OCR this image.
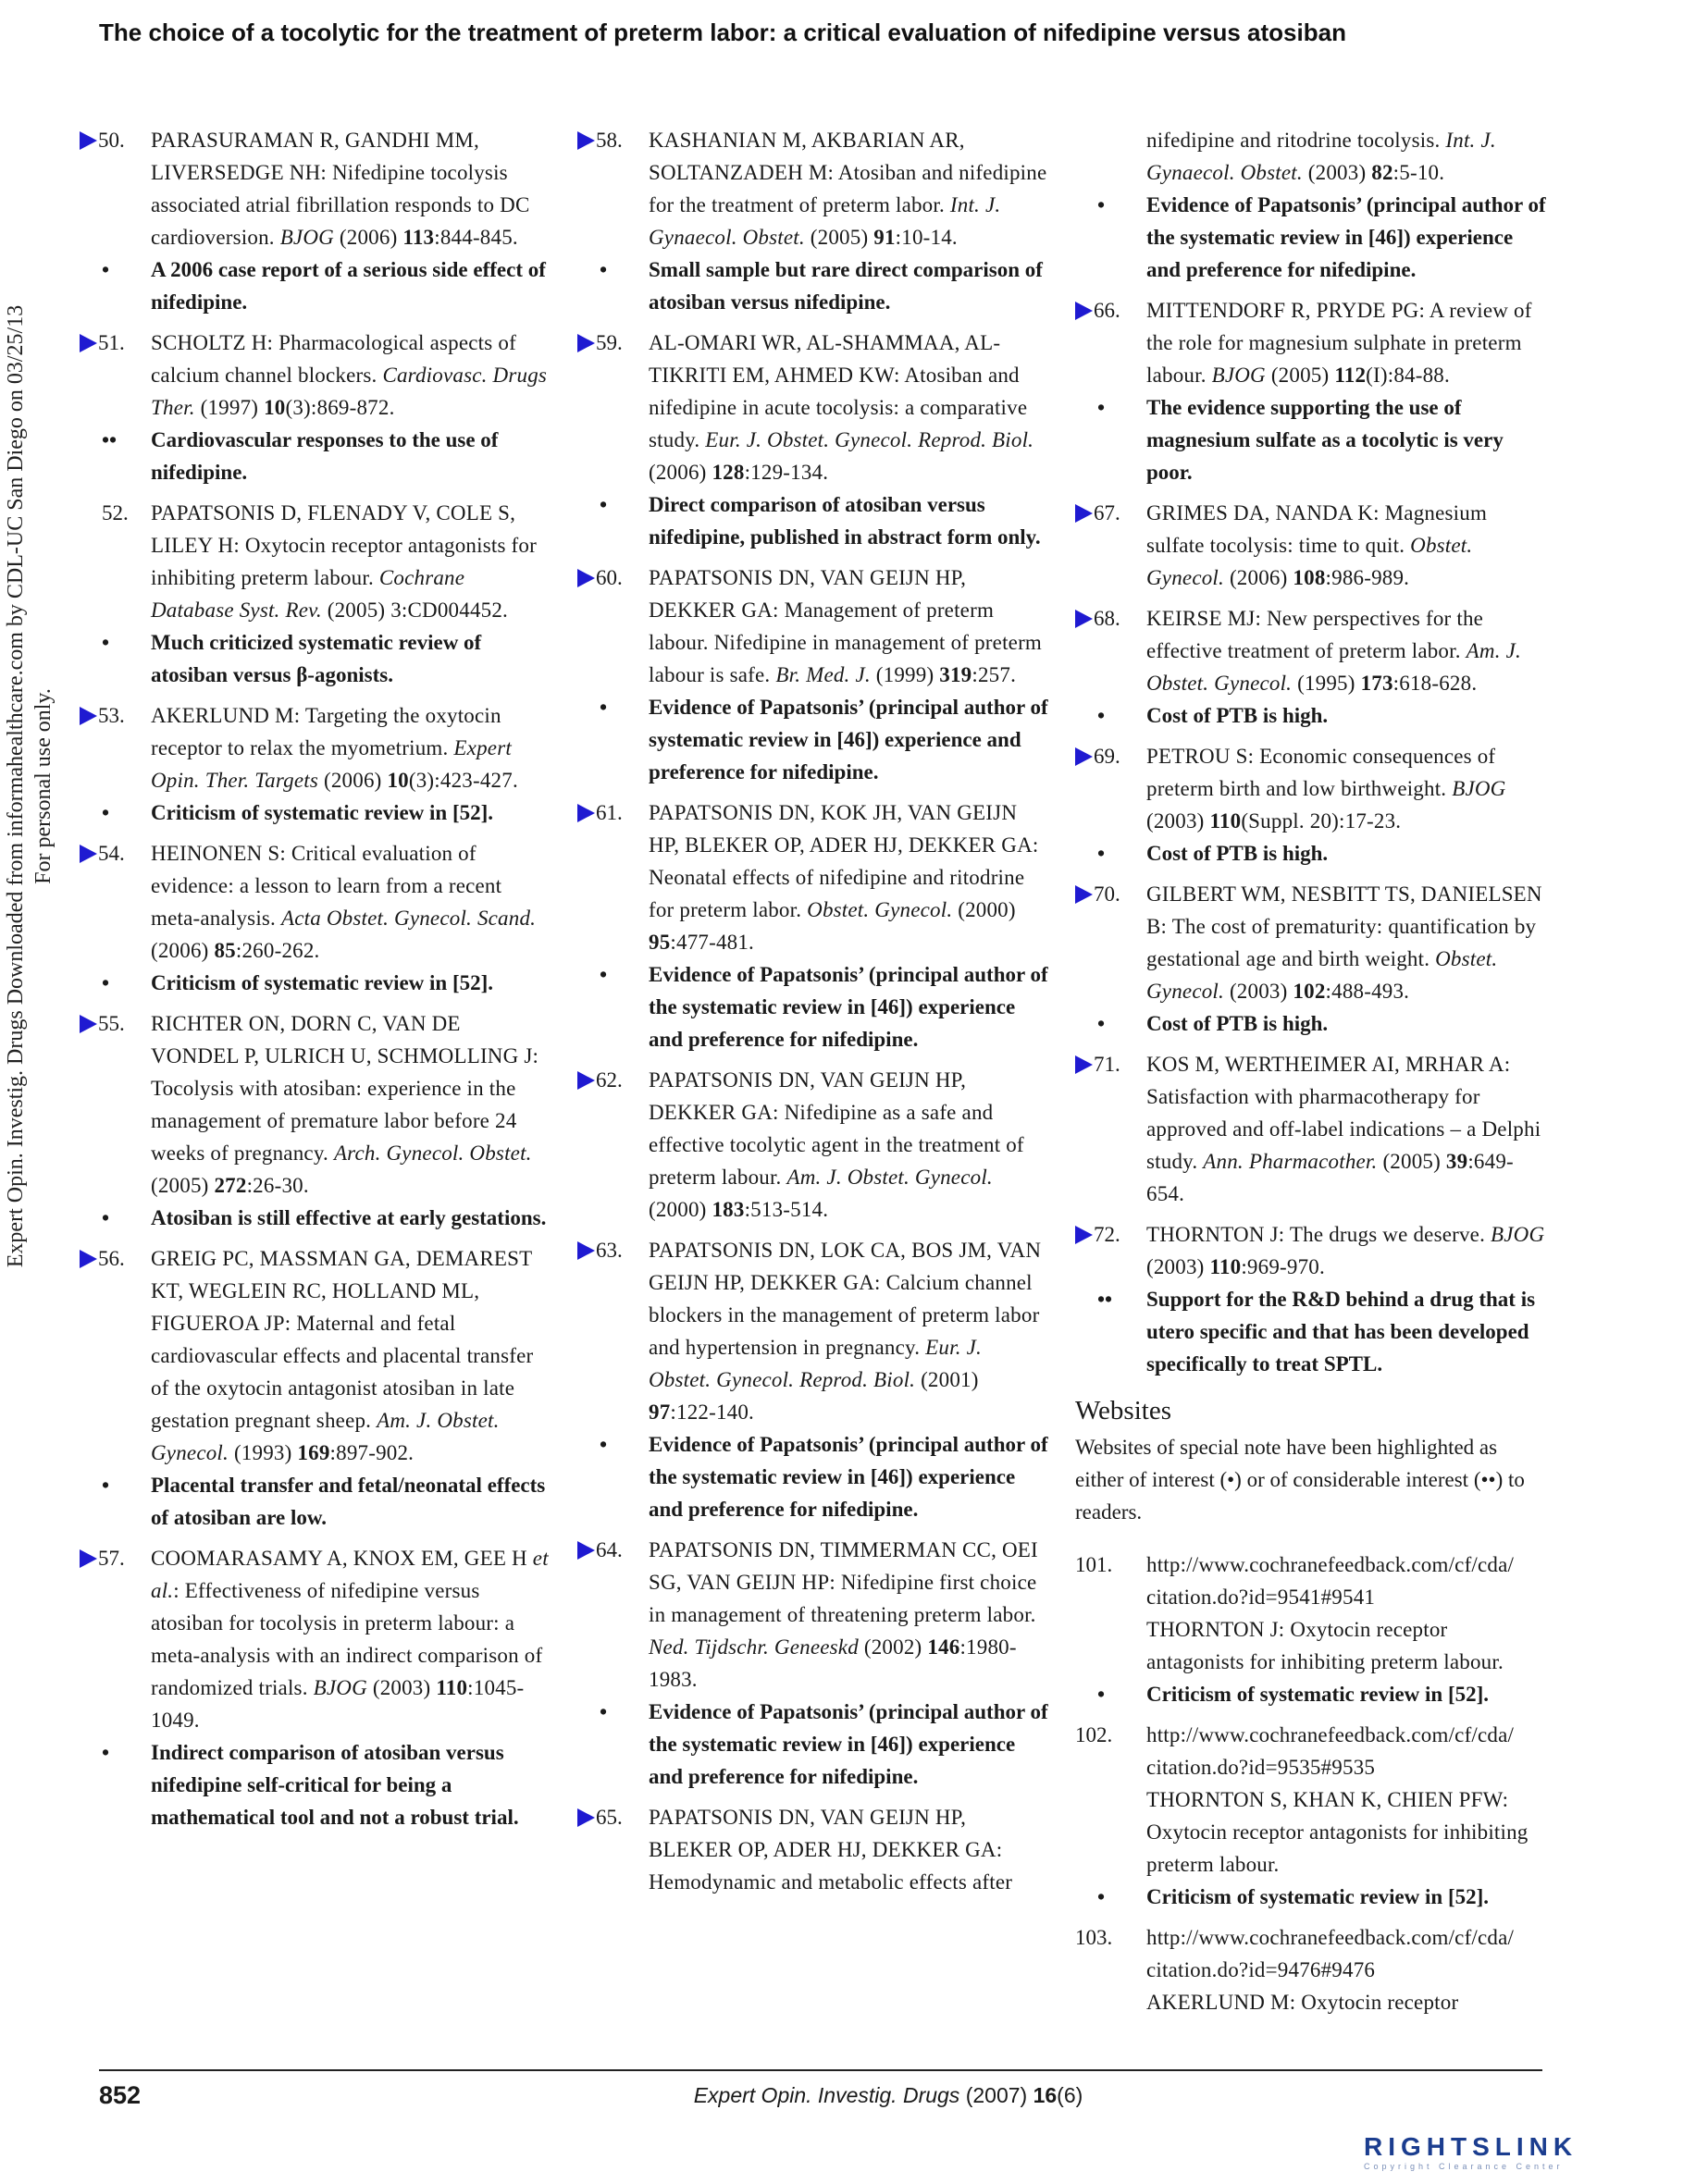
The choice of a tocolytic for the treatment of preterm labor: a critical evaluation of nifedipine versus atosiban
Expert Opin. Investig. Drugs Downloaded from informahealthcare.com by CDL-UC San Diego on 03/25/13 For personal use only.
50. PARASURAMAN R, GANDHI MM, LIVERSEDGE NH: Nifedipine tocolysis associated atrial fibrillation responds to DC cardioversion. BJOG (2006) 113:844-845.
• A 2006 case report of a serious side effect of nifedipine.
51. SCHOLTZ H: Pharmacological aspects of calcium channel blockers. Cardiovasc. Drugs Ther. (1997) 10(3):869-872.
•• Cardiovascular responses to the use of nifedipine.
52. PAPATSONIS D, FLENADY V, COLE S, LILEY H: Oxytocin receptor antagonists for inhibiting preterm labour. Cochrane Database Syst. Rev. (2005) 3:CD004452.
• Much criticized systematic review of atosiban versus β-agonists.
53. AKERLUND M: Targeting the oxytocin receptor to relax the myometrium. Expert Opin. Ther. Targets (2006) 10(3):423-427.
• Criticism of systematic review in [52].
54. HEINONEN S: Critical evaluation of evidence: a lesson to learn from a recent meta-analysis. Acta Obstet. Gynecol. Scand. (2006) 85:260-262.
• Criticism of systematic review in [52].
55. RICHTER ON, DORN C, VAN DE VONDEL P, ULRICH U, SCHMOLLING J: Tocolysis with atosiban: experience in the management of premature labor before 24 weeks of pregnancy. Arch. Gynecol. Obstet. (2005) 272:26-30.
• Atosiban is still effective at early gestations.
56. GREIG PC, MASSMAN GA, DEMAREST KT, WEGLEIN RC, HOLLAND ML, FIGUEROA JP: Maternal and fetal cardiovascular effects and placental transfer of the oxytocin antagonist atosiban in late gestation pregnant sheep. Am. J. Obstet. Gynecol. (1993) 169:897-902.
• Placental transfer and fetal/neonatal effects of atosiban are low.
57. COOMARASAMY A, KNOX EM, GEE H et al.: Effectiveness of nifedipine versus atosiban for tocolysis in preterm labour: a meta-analysis with an indirect comparison of randomized trials. BJOG (2003) 110:1045-1049.
• Indirect comparison of atosiban versus nifedipine self-critical for being a mathematical tool and not a robust trial.
58. KASHANIAN M, AKBARIAN AR, SOLTANZADEH M: Atosiban and nifedipine for the treatment of preterm labor. Int. J. Gynaecol. Obstet. (2005) 91:10-14.
• Small sample but rare direct comparison of atosiban versus nifedipine.
59. AL-OMARI WR, AL-SHAMMAA, AL-TIKRITI EM, AHMED KW: Atosiban and nifedipine in acute tocolysis: a comparative study. Eur. J. Obstet. Gynecol. Reprod. Biol. (2006) 128:129-134.
• Direct comparison of atosiban versus nifedipine, published in abstract form only.
60. PAPATSONIS DN, VAN GEIJN HP, DEKKER GA: Management of preterm labour. Nifedipine in management of preterm labour is safe. Br. Med. J. (1999) 319:257.
• Evidence of Papatsonis’ (principal author of systematic review in [46]) experience and preference for nifedipine.
61. PAPATSONIS DN, KOK JH, VAN GEIJN HP, BLEKER OP, ADER HJ, DEKKER GA: Neonatal effects of nifedipine and ritodrine for preterm labor. Obstet. Gynecol. (2000) 95:477-481.
• Evidence of Papatsonis’ (principal author of the systematic review in [46]) experience and preference for nifedipine.
62. PAPATSONIS DN, VAN GEIJN HP, DEKKER GA: Nifedipine as a safe and effective tocolytic agent in the treatment of preterm labour. Am. J. Obstet. Gynecol. (2000) 183:513-514.
63. PAPATSONIS DN, LOK CA, BOS JM, VAN GEIJN HP, DEKKER GA: Calcium channel blockers in the management of preterm labor and hypertension in pregnancy. Eur. J. Obstet. Gynecol. Reprod. Biol. (2001) 97:122-140.
• Evidence of Papatsonis’ (principal author of the systematic review in [46]) experience and preference for nifedipine.
64. PAPATSONIS DN, TIMMERMAN CC, OEI SG, VAN GEIJN HP: Nifedipine first choice in management of threatening preterm labor. Ned. Tijdschr. Geneeskd (2002) 146:1980-1983.
• Evidence of Papatsonis’ (principal author of the systematic review in [46]) experience and preference for nifedipine.
65. PAPATSONIS DN, VAN GEIJN HP, BLEKER OP, ADER HJ, DEKKER GA: Hemodynamic and metabolic effects after
nifedipine and ritodrine tocolysis. Int. J. Gynaecol. Obstet. (2003) 82:5-10.
• Evidence of Papatsonis’ (principal author of the systematic review in [46]) experience and preference for nifedipine.
66. MITTENDORF R, PRYDE PG: A review of the role for magnesium sulphate in preterm labour. BJOG (2005) 112(I):84-88.
• The evidence supporting the use of magnesium sulfate as a tocolytic is very poor.
67. GRIMES DA, NANDA K: Magnesium sulfate tocolysis: time to quit. Obstet. Gynecol. (2006) 108:986-989.
68. KEIRSE MJ: New perspectives for the effective treatment of preterm labor. Am. J. Obstet. Gynecol. (1995) 173:618-628.
• Cost of PTB is high.
69. PETROU S: Economic consequences of preterm birth and low birthweight. BJOG (2003) 110(Suppl. 20):17-23.
• Cost of PTB is high.
70. GILBERT WM, NESBITT TS, DANIELSEN B: The cost of prematurity: quantification by gestational age and birth weight. Obstet. Gynecol. (2003) 102:488-493.
• Cost of PTB is high.
71. KOS M, WERTHEIMER AI, MRHAR A: Satisfaction with pharmacotherapy for approved and off-label indications – a Delphi study. Ann. Pharmacother. (2005) 39:649-654.
72. THORNTON J: The drugs we deserve. BJOG (2003) 110:969-970.
•• Support for the R&D behind a drug that is utero specific and that has been developed specifically to treat SPTL.
Websites
Websites of special note have been highlighted as either of interest (•) or of considerable interest (••) to readers.
101. http://www.cochranefeedback.com/cf/cda/ citation.do?id=9541#9541
THORNTON J: Oxytocin receptor antagonists for inhibiting preterm labour.
• Criticism of systematic review in [52].
102. http://www.cochranefeedback.com/cf/cda/ citation.do?id=9535#9535
THORNTON S, KHAN K, CHIEN PFW: Oxytocin receptor antagonists for inhibiting preterm labour.
• Criticism of systematic review in [52].
103. http://www.cochranefeedback.com/cf/cda/ citation.do?id=9476#9476
AKERLUND M: Oxytocin receptor
852	Expert Opin. Investig. Drugs (2007) 16(6)
RIGHTSLINK
Copyright Clearance Center
